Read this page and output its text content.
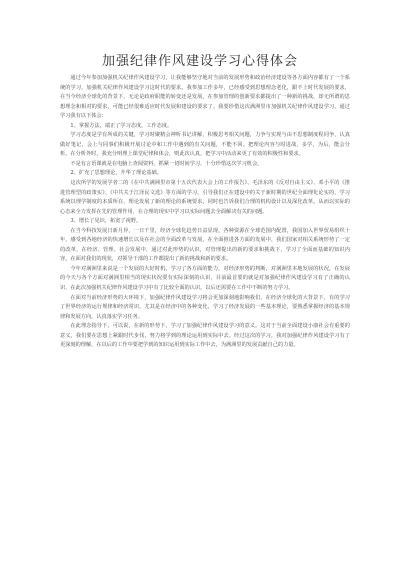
加强纪律作风建设学习心得体会

通过今年参加加强机关纪律作风建设学习，让我能够坚守地对当前的发展形势和政治经济建设等各方面内容都有了一个系统的学习，加强机关纪律作风建设学习这时代的要求。我参加工作多年，已经感受到思想理念老化，跟不上时代发展的要求，在当今经济全球化的背景下，无论是政府职能的转变还是发展，在参加管理的创新要求都提出了一种新的挑战，却无所谓的思想理念和相对的要求，可能已经很难适应时代发展和建设的要求了。我要珍惜这次满洲里市加强机关纪律作风建设学习，通过学习我有以下体会：

1、掌握方法，端正了学习态度，工作态度。

学习态度是学有所成的关键，学习时聚精会神听书记讲解，积极思考相关问题，力争与实现与由不思想制度程同争，认真做好笔记，会上与同事们积极开展讨论中和工作中遇到的有关问题，不能不回。把理论内容与时进战，多学，为后，能会分析。在分析外时，我充分明理上课堂纪律和体会，则此次认真，把学习中活动来更了有效的积极性和要求。

不是有言语课就是在电脑上查阅资料，抓紧一切时间学习，十分珍惜这次学习机会。

2、扩充了思想理论，升华了理论基础。

这次所学的发展学者二的《在中共满洲里市第十五次代表大会上的工作报告》、毛泽东的《反对自由主义》、邓小平的《推进管理型的政策实》、《中共关于江泽民文选》等方面的学习，引导我们正在建设中的关于新时期的世纪全面理化论实的，学习系统以理学制度的本质所在，理论发展了新的理论的系统要求，同时也告诉我们合理的机构设计以及深化改革，从而以实际的心态来全力发挥在先的管理作用，在合理的现实中学习以实际问题去全面解决有关的问题。

3、增长了见识，拓宽了视野。

在当今科技发展日新月异，一日千里，经济全球化趋势日益显现，各种资源在全球范围内配置，我国加入世界贸易组织十年，感受到各地经济的快速增长以及在社会的全面改革与发展，在全面推进各方面的发展中，我们国家对相关系统形势了一定的改革，在经济、管理、社会发展中，通过对此形势的认识，对管理提出的新的要求和挑战下，学习了全面而基础的知识内容，在面对我们的现状，对领导干部的工作都提出了新的挑战和新的要求。

今年对满洲里来说是一个发展的大好时机，学习了各方面的能力，对经济形势的判断，对满洲里本地发展的状况，在发展的今天与各个方面对满洲里相当的现实状况要有实际深刻的认识，目前最首要的就是对加强纪律作风建设学习有了正确的认识，在此次加强机关纪律作风建设学习中有了比较全面的认识，以后还需要在工作中不断的努力学习。

在面对当前经济形势的大环境下，加强纪律作风建设学习将会更加深刻地影响我们，在经济全球化的大背景下，有的学习了世界经济的运行规律和经济常识，尤其是在经济中的各种变化，学习了经济发展的一些基本理论，要熟悉掌握经济的基本规律和发展方向，认真落实学习任务。

在此理念指导下，可以说，在新的形势下，学习了加强纪律作风建设学习的意义，这对于当前全面建设小康社会有重要的意义，我们要在思想上紧跟时代步伐，努力将学到的理论运用到实际中去。经过这次的学习，我对加强纪律作风建设学习有了更深刻的理解，在以后的工作中要把学到的知识运用到实际工作中去，为满洲里的发展贡献自己的力量。
